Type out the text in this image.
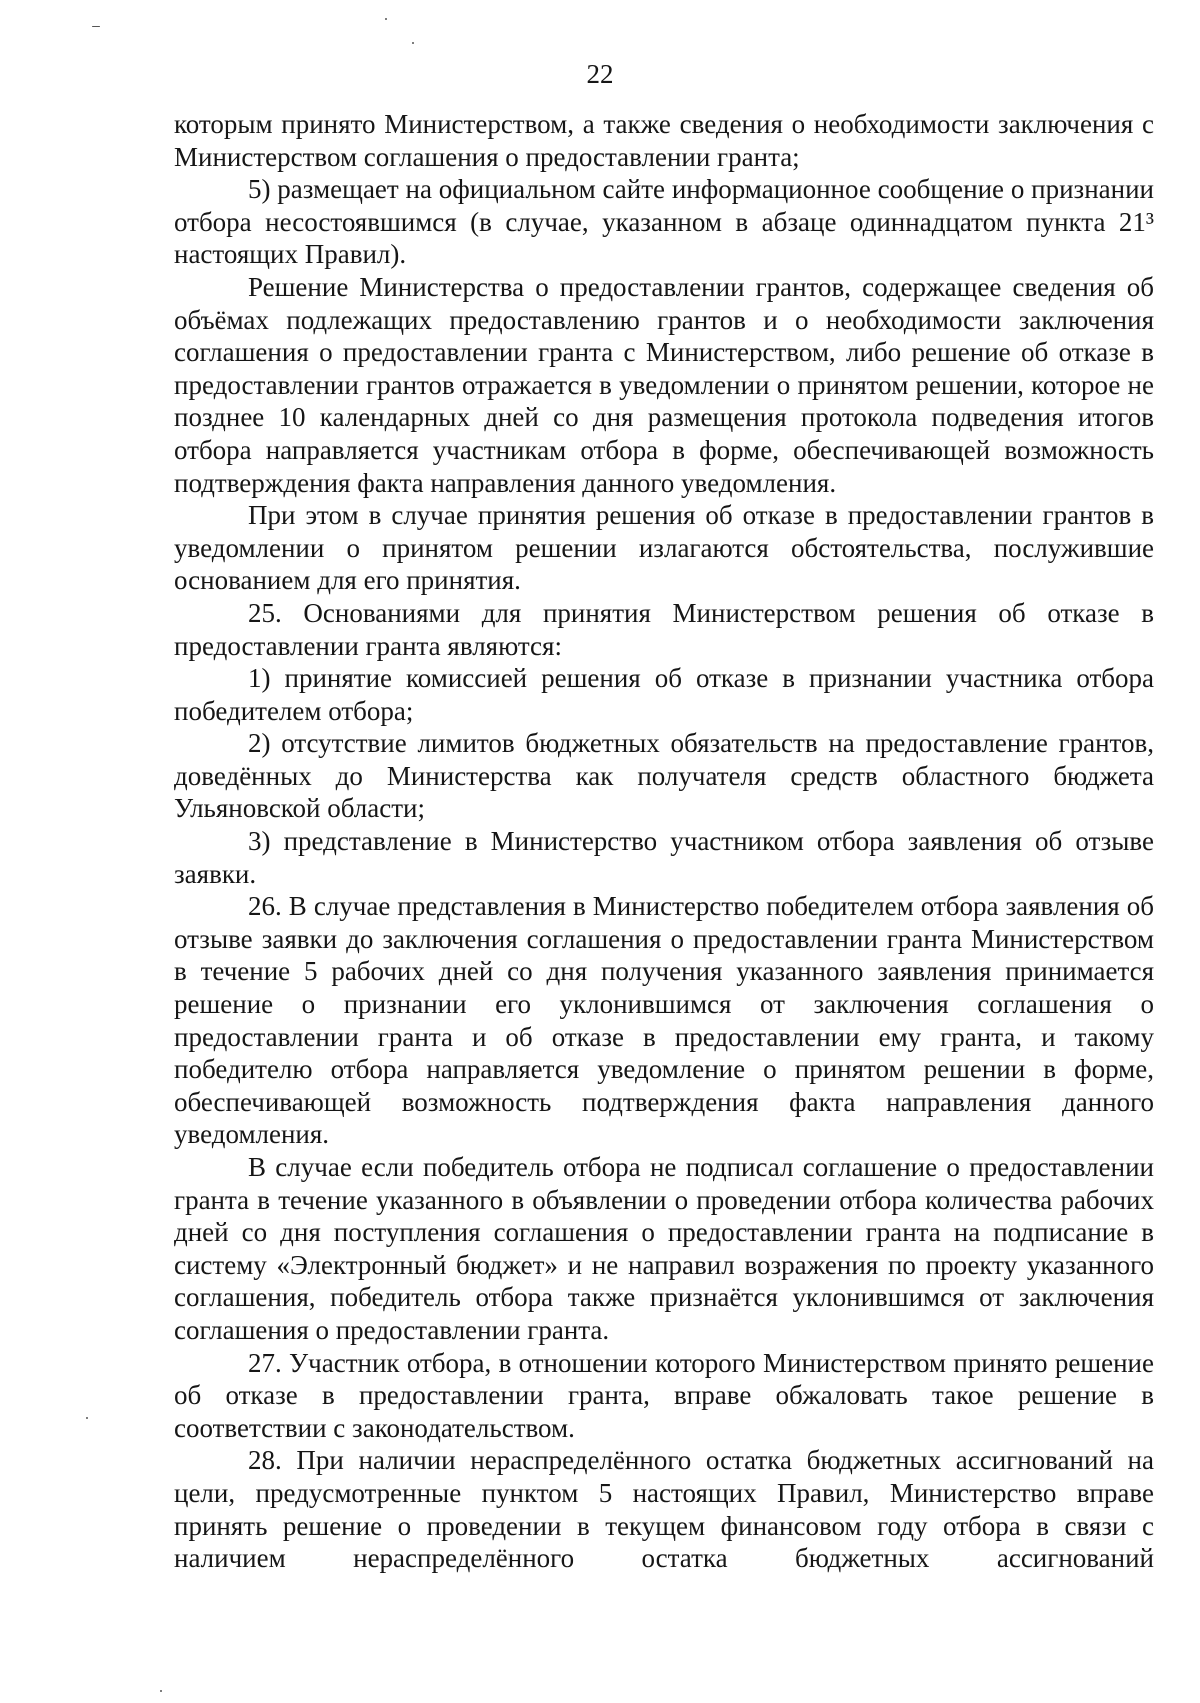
22

которым принято Министерством, а также сведения о необходимости заключения с Министерством соглашения о предоставлении гранта;

5) размещает на официальном сайте информационное сообщение о признании отбора несостоявшимся (в случае, указанном в абзаце одиннадцатом пункта 21³ настоящих Правил).

Решение Министерства о предоставлении грантов, содержащее сведения об объёмах подлежащих предоставлению грантов и о необходимости заключения соглашения о предоставлении гранта с Министерством, либо решение об отказе в предоставлении грантов отражается в уведомлении о принятом решении, которое не позднее 10 календарных дней со дня размещения протокола подведения итогов отбора направляется участникам отбора в форме, обеспечивающей возможность подтверждения факта направления данного уведомления.

При этом в случае принятия решения об отказе в предоставлении грантов в уведомлении о принятом решении излагаются обстоятельства, послужившие основанием для его принятия.

25. Основаниями для принятия Министерством решения об отказе в предоставлении гранта являются:

1) принятие комиссией решения об отказе в признании участника отбора победителем отбора;

2) отсутствие лимитов бюджетных обязательств на предоставление грантов, доведённых до Министерства как получателя средств областного бюджета Ульяновской области;

3) представление в Министерство участником отбора заявления об отзыве заявки.

26. В случае представления в Министерство победителем отбора заявления об отзыве заявки до заключения соглашения о предоставлении гранта Министерством в течение 5 рабочих дней со дня получения указанного заявления принимается решение о признании его уклонившимся от заключения соглашения о предоставлении гранта и об отказе в предоставлении ему гранта, и такому победителю отбора направляется уведомление о принятом решении в форме, обеспечивающей возможность подтверждения факта направления данного уведомления.

В случае если победитель отбора не подписал соглашение о предоставлении гранта в течение указанного в объявлении о проведении отбора количества рабочих дней со дня поступления соглашения о предоставлении гранта на подписание в систему «Электронный бюджет» и не направил возражения по проекту указанного соглашения, победитель отбора также признаётся уклонившимся от заключения соглашения о предоставлении гранта.

27. Участник отбора, в отношении которого Министерством принято решение об отказе в предоставлении гранта, вправе обжаловать такое решение в соответствии с законодательством.

28. При наличии нераспределённого остатка бюджетных ассигнований на цели, предусмотренные пунктом 5 настоящих Правил, Министерство вправе принять решение о проведении в текущем финансовом году отбора в связи с наличием нераспределённого остатка бюджетных ассигнований
